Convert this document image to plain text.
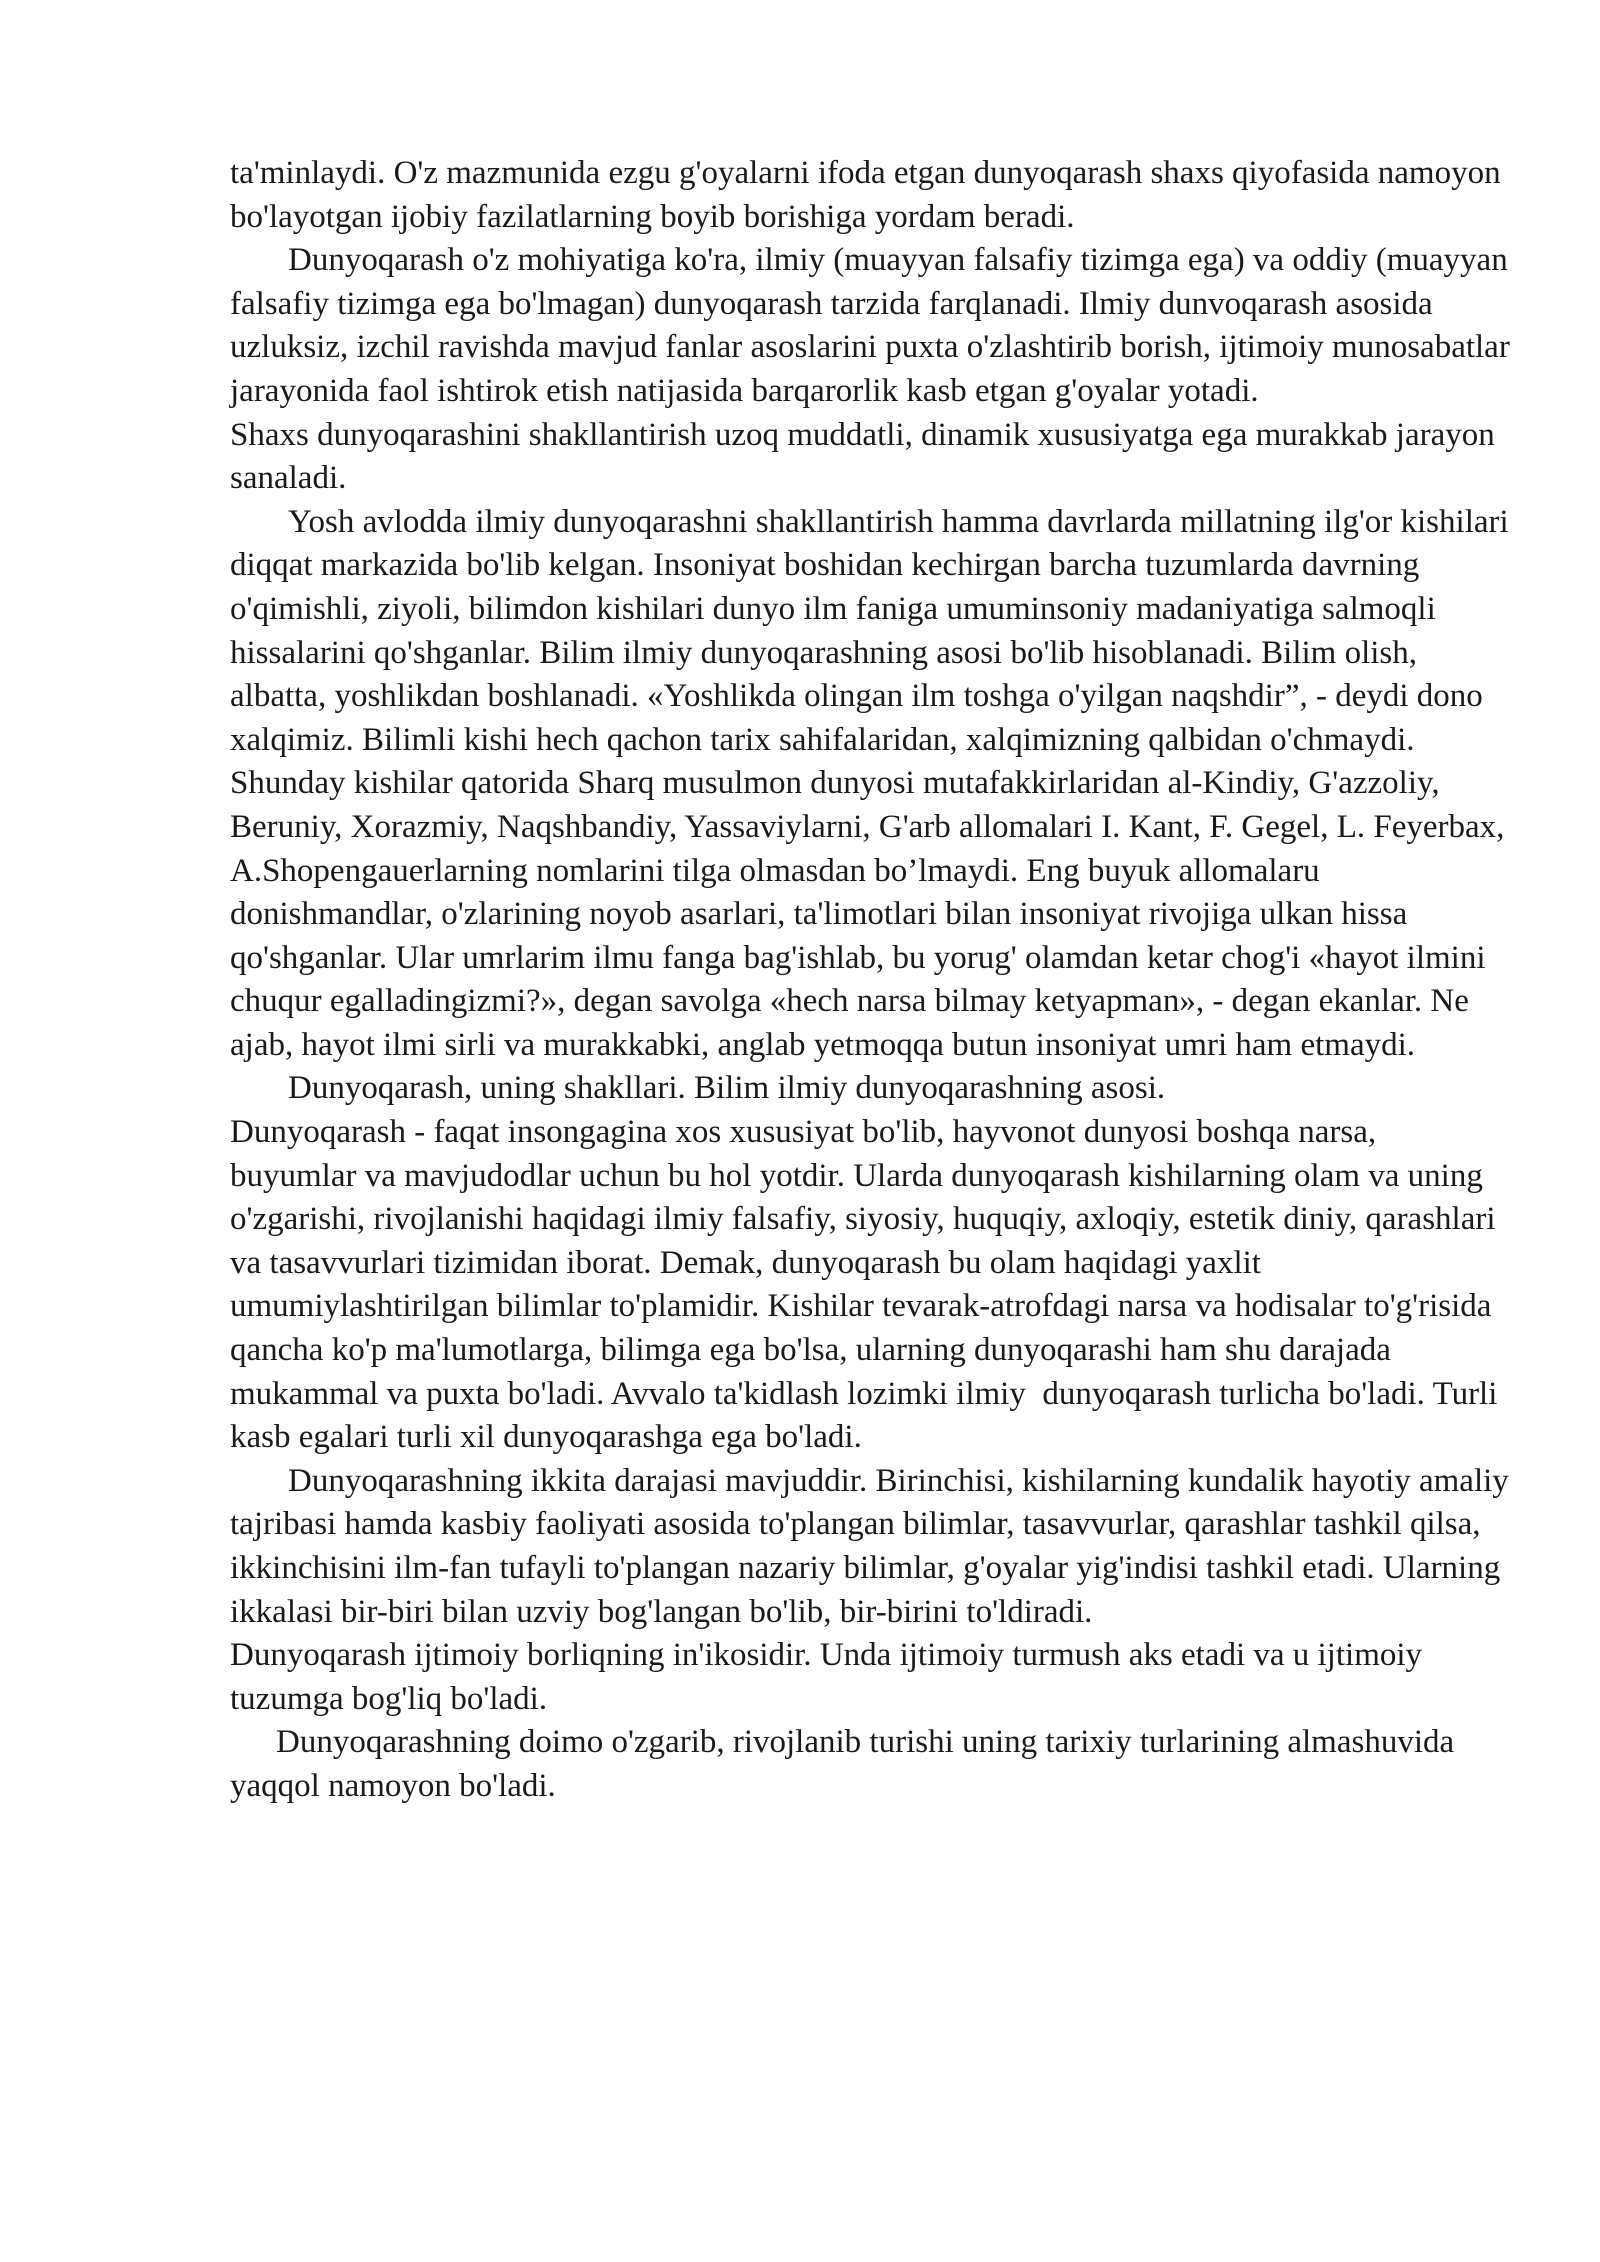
ta'minlaydi. O'z mazmunida ezgu g'oyalarni ifoda etgan dunyoqarash shaxs qiyofasida namoyon bo'layotgan ijobiy fazilatlarning boyib borishiga yordam beradi.

Dunyoqarash o'z mohiyatiga ko'ra, ilmiy (muayyan falsafiy tizimga ega) va oddiy (muayyan falsafiy tizimga ega bo'lmagan) dunyoqarash tarzida farqlanadi. Ilmiy dunvoqarash asosida uzluksiz, izchil ravishda mavjud fanlar asoslarini puxta o'zlashtirib borish, ijtimoiy munosabatlar jarayonida faol ishtirok etish natijasida barqarorlik kasb etgan g'oyalar yotadi.

Shaxs dunyoqarashini shakllantirish uzoq muddatli, dinamik xususiyatga ega murakkab jarayon sanaladi.

Yosh avlodda ilmiy dunyoqarashni shakllantirish hamma davrlarda millatning ilg'or kishilari diqqat markazida bo'lib kelgan. Insoniyat boshidan kechirgan barcha tuzumlarda davrning o'qimishli, ziyoli, bilimdon kishilari dunyo ilm faniga umuminsoniy madaniyatiga salmoqli hissalarini qo'shganlar. Bilim ilmiy dunyoqarashning asosi bo'lib hisoblanadi. Bilim olish, albatta, yoshlikdan boshlanadi. «Yoshlikda olingan ilm toshga o'yilgan naqshdir”, - deydi dono xalqimiz. Bilimli kishi hech qachon tarix sahifalaridan, xalqimizning qalbidan o'chmaydi. Shunday kishilar qatorida Sharq musulmon dunyosi mutafakkirlaridan al-Kindiy, G'azzoliy, Beruniy, Xorazmiy, Naqshbandiy, Yassaviylarni, G'arb allomalari I. Kant, F. Gegel, L. Feyerbax, A.Shopengauerlarning nomlarini tilga olmasdan bo’lmaydi. Eng buyuk allomalaru donishmandlar, o'zlarining noyob asarlari, ta'limotlari bilan insoniyat rivojiga ulkan hissa qo'shganlar. Ular umrlarim ilmu fanga bag'ishlab, bu yorug' olamdan ketar chog'i «hayot ilmini chuqur egalladingizmi?», degan savolga «hech narsa bilmay ketyapman», - degan ekanlar. Ne ajab, hayot ilmi sirli va murakkabki, anglab yetmoqqa butun insoniyat umri ham etmaydi.

Dunyoqarash, uning shakllari. Bilim ilmiy dunyoqarashning asosi.

Dunyoqarash - faqat insongagina xos xususiyat bo'lib, hayvonot dunyosi boshqa narsa, buyumlar va mavjudodlar uchun bu hol yotdir. Ularda dunyoqarash kishilarning olam va uning o'zgarishi, rivojlanishi haqidagi ilmiy falsafiy, siyosiy, huquqiy, axloqiy, estetik diniy, qarashlari va tasavvurlari tizimidan iborat. Demak, dunyoqarash bu olam haqidagi yaxlit umumiylashtirilgan bilimlar to'plamidir. Kishilar tevarak-atrofdagi narsa va hodisalar to'g'risida qancha ko'p ma'lumotlarga, bilimga ega bo'lsa, ularning dunyoqarashi ham shu darajada mukammal va puxta bo'ladi. Avvalo ta'kidlash lozimki ilmiy  dunyoqarash turlicha bo'ladi. Turli kasb egalari turli xil dunyoqarashga ega bo'ladi.

Dunyoqarashning ikkita darajasi mavjuddir. Birinchisi, kishilarning kundalik hayotiy amaliy tajribasi hamda kasbiy faoliyati asosida to'plangan bilimlar, tasavvurlar, qarashlar tashkil qilsa, ikkinchisini ilm-fan tufayli to'plangan nazariy bilimlar, g'oyalar yig'indisi tashkil etadi. Ularning ikkalasi bir-biri bilan uzviy bog'langan bo'lib, bir-birini to'ldiradi.

Dunyoqarash ijtimoiy borliqning in'ikosidir. Unda ijtimoiy turmush aks etadi va u ijtimoiy tuzumga bog'liq bo'ladi.

Dunyoqarashning doimo o'zgarib, rivojlanib turishi uning tarixiy turlarining almashuvida yaqqol namoyon bo'ladi.
